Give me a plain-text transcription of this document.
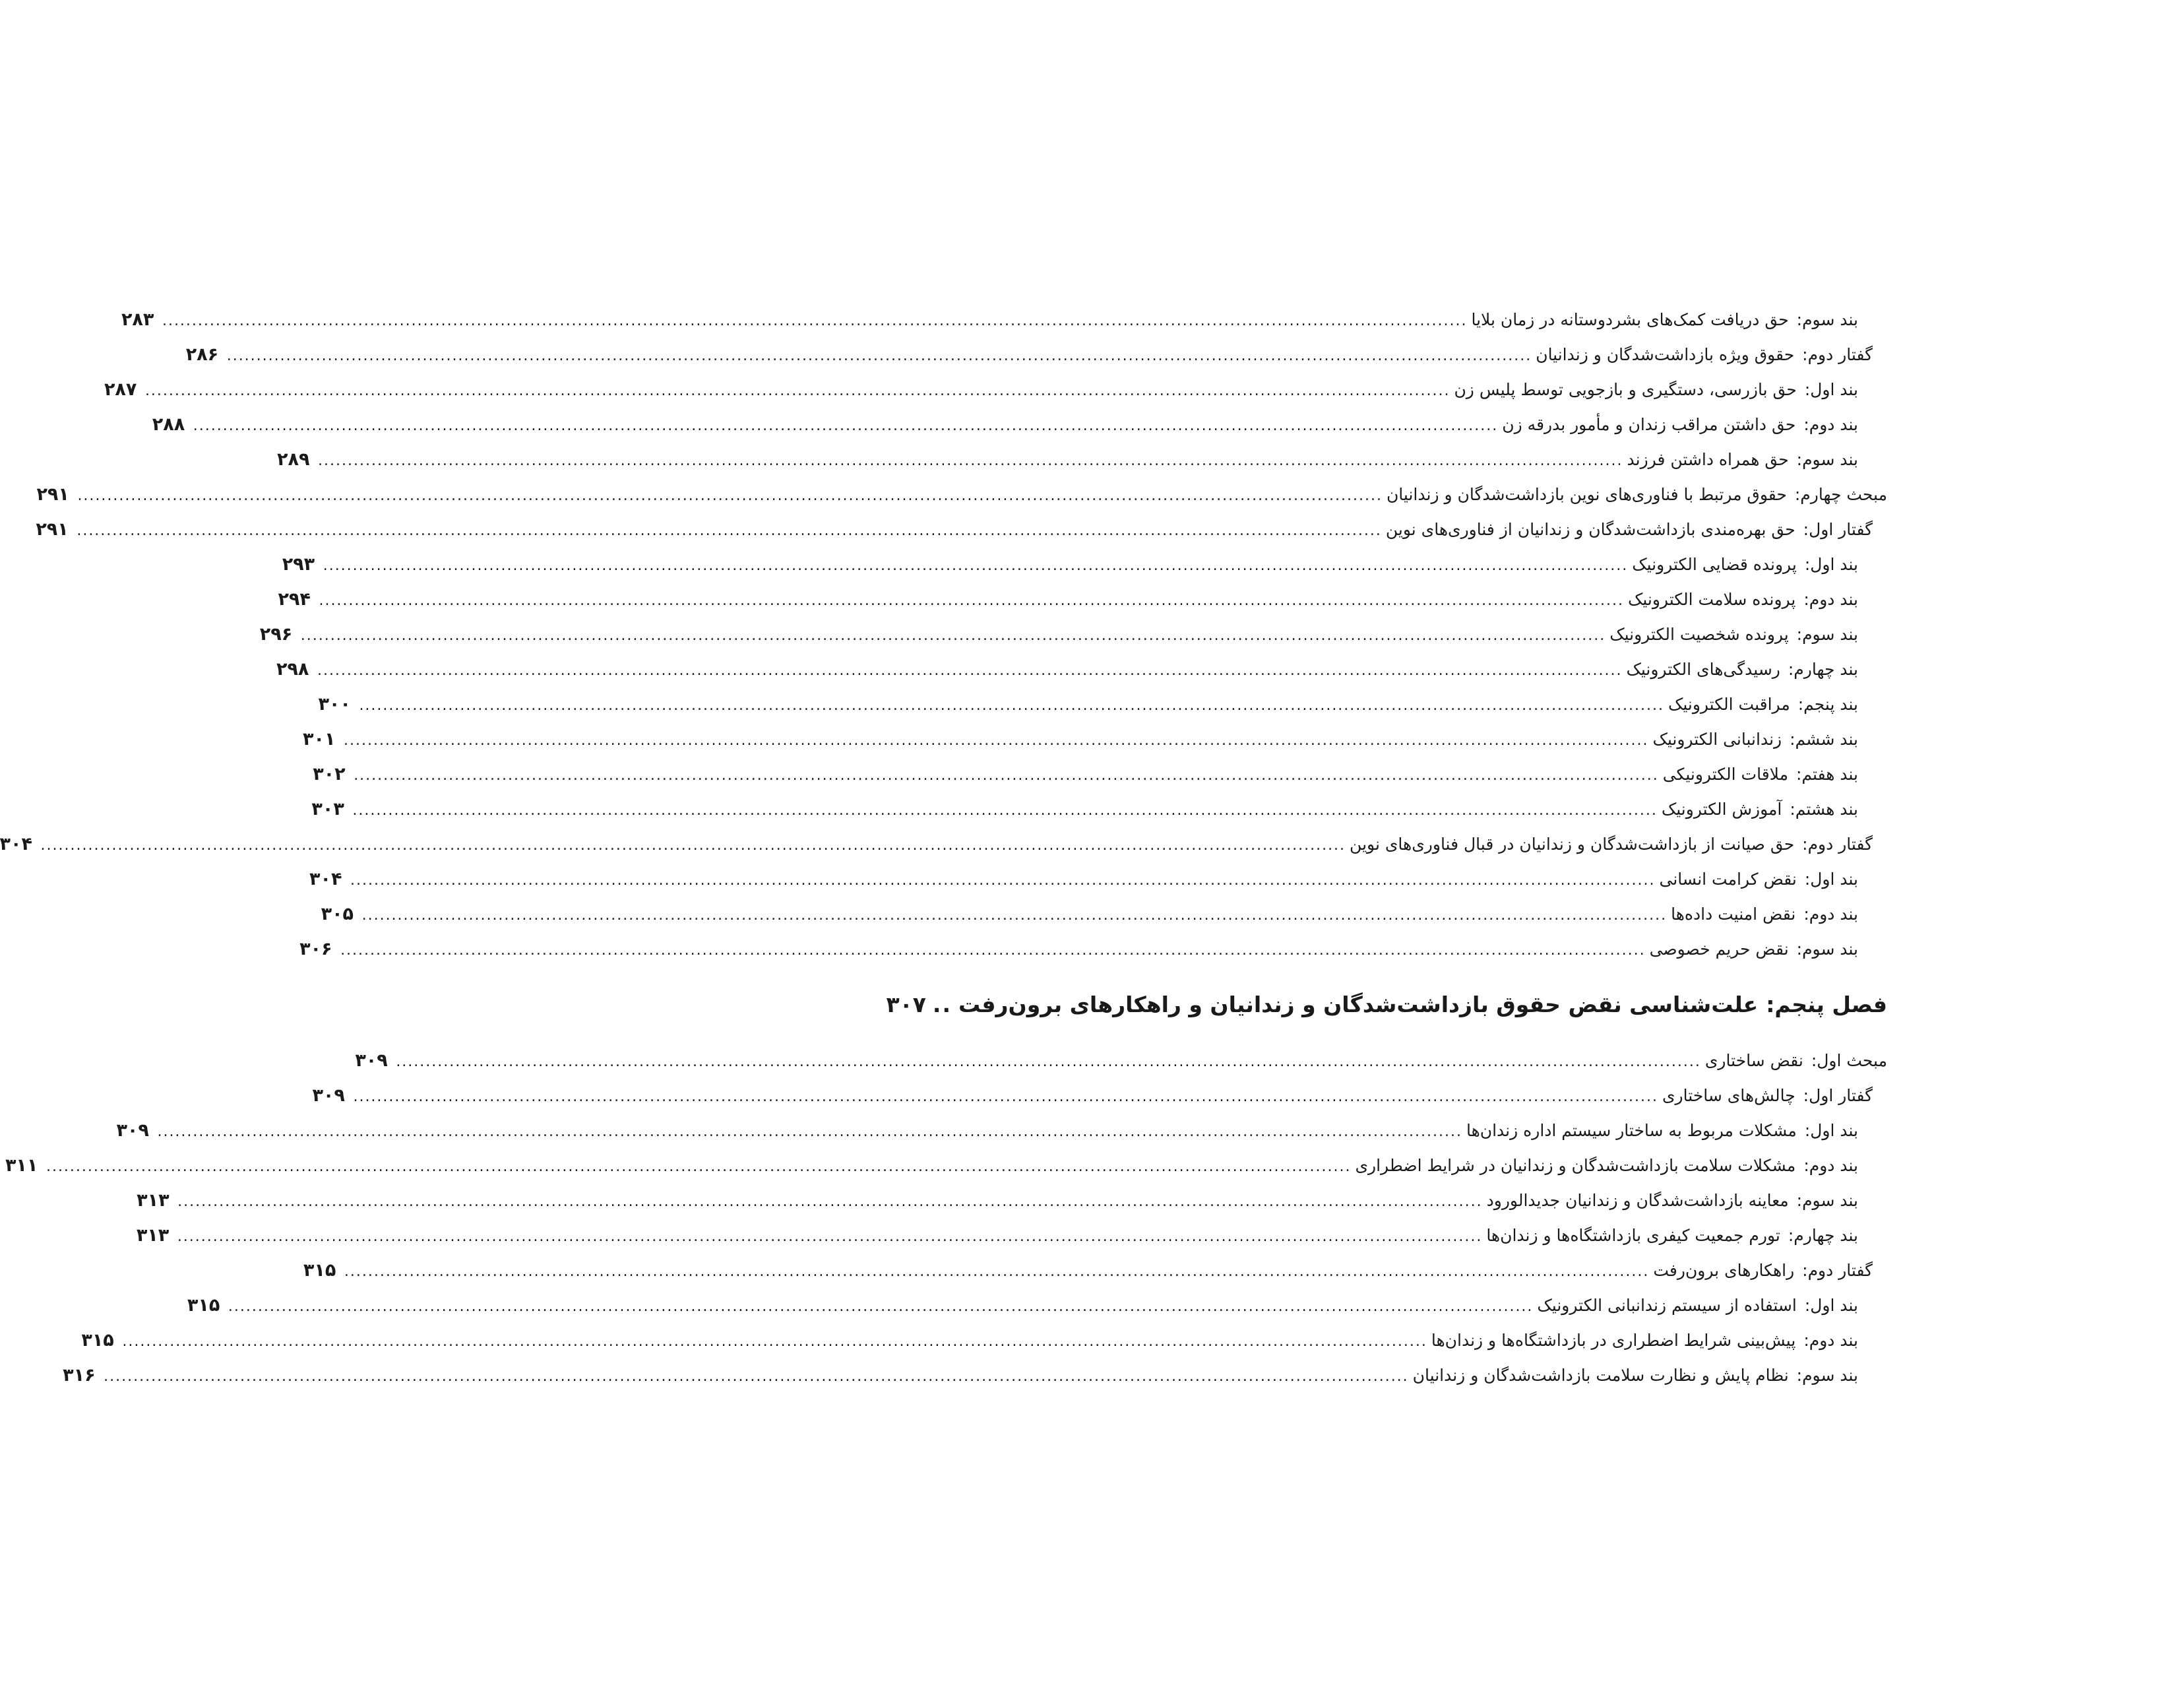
بند سوم:حق دریافت کمک‌های بشردوستانه در زمان بلایا
............................................................................................................................................................................................................................
۲۸۳
گفتار دوم:حقوق ویژه بازداشت‌شدگان و زندانیان
............................................................................................................................................................................................................................
۲۸۶
بند اول:حق بازرسی، دستگیری و بازجویی توسط پلیس زن
............................................................................................................................................................................................................................
۲۸۷
بند دوم:حق داشتن مراقب زندان و مأمور بدرقه زن
............................................................................................................................................................................................................................
۲۸۸
بند سوم:حق همراه داشتن فرزند
............................................................................................................................................................................................................................
۲۸۹
مبحث چهارم:حقوق مرتبط با فناوری‌های نوین بازداشت‌شدگان و زندانیان
............................................................................................................................................................................................................................
۲۹۱
گفتار اول:حق بهره‌مندی بازداشت‌شدگان و زندانیان از فناوری‌های نوین
............................................................................................................................................................................................................................
۲۹۱
بند اول:پرونده قضایی الکترونیک
............................................................................................................................................................................................................................
۲۹۳
بند دوم:پرونده سلامت الکترونیک
............................................................................................................................................................................................................................
۲۹۴
بند سوم:پرونده شخصیت الکترونیک
............................................................................................................................................................................................................................
۲۹۶
بند چهارم:رسیدگی‌های الکترونیک
............................................................................................................................................................................................................................
۲۹۸
بند پنجم:مراقبت الکترونیک
............................................................................................................................................................................................................................
۳۰۰
بند ششم:زندانبانی الکترونیک
............................................................................................................................................................................................................................
۳۰۱
بند هفتم:ملاقات الکترونیکی
............................................................................................................................................................................................................................
۳۰۲
بند هشتم:آموزش الکترونیک
............................................................................................................................................................................................................................
۳۰۳
گفتار دوم:حق صیانت از بازداشت‌شدگان و زندانیان در قبال فناوری‌های نوین
............................................................................................................................................................................................................................
۳۰۴
بند اول:نقض کرامت انسانی
............................................................................................................................................................................................................................
۳۰۴
بند دوم:نقض امنیت داده‌ها
............................................................................................................................................................................................................................
۳۰۵
بند سوم:نقض حریم خصوصی
............................................................................................................................................................................................................................
۳۰۶
فصل پنجم:علت‌شناسی نقض حقوق بازداشت‌شدگان و زندانیان و راهکارهای برون‌رفت
..
۳۰۷
مبحث اول:نقض ساختاری
............................................................................................................................................................................................................................
۳۰۹
گفتار اول:چالش‌های ساختاری
............................................................................................................................................................................................................................
۳۰۹
بند اول:مشکلات مربوط به ساختار سیستم اداره زندان‌ها
............................................................................................................................................................................................................................
۳۰۹
بند دوم:مشکلات سلامت بازداشت‌شدگان و زندانیان در شرایط اضطراری
............................................................................................................................................................................................................................
۳۱۱
بند سوم:معاینه بازداشت‌شدگان و زندانیان جدیدالورود
............................................................................................................................................................................................................................
۳۱۳
بند چهارم:تورم جمعیت کیفری بازداشتگاه‌ها و زندان‌ها
............................................................................................................................................................................................................................
۳۱۳
گفتار دوم:راهکارهای برون‌رفت
............................................................................................................................................................................................................................
۳۱۵
بند اول:استفاده از سیستم زندانبانی الکترونیک
............................................................................................................................................................................................................................
۳۱۵
بند دوم:پیش‌بینی شرایط اضطراری در بازداشتگاه‌ها و زندان‌ها
............................................................................................................................................................................................................................
۳۱۵
بند سوم:نظام پایش و نظارت سلامت بازداشت‌شدگان و زندانیان
............................................................................................................................................................................................................................
۳۱۶
